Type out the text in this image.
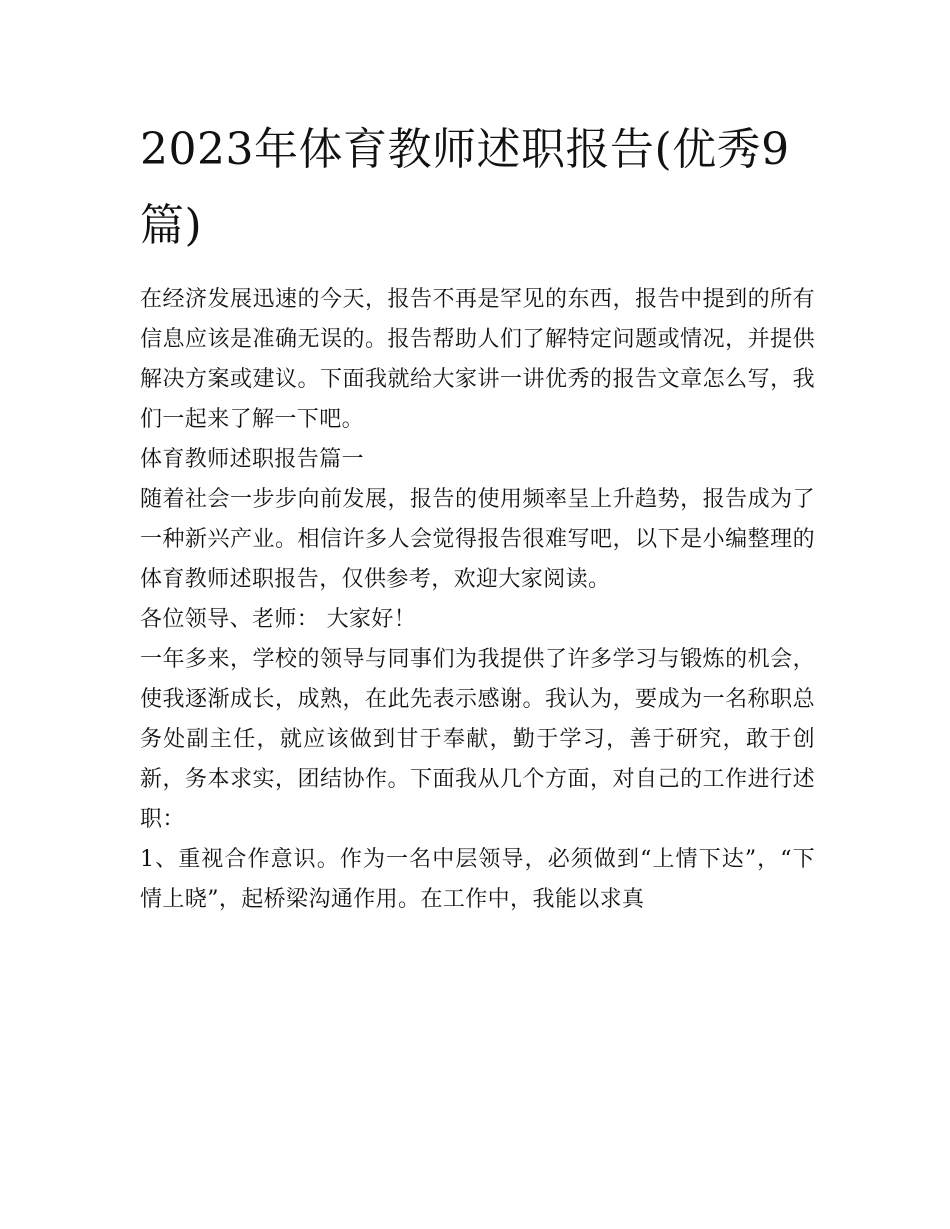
2023年体育教师述职报告(优秀9篇)

在经济发展迅速的今天，报告不再是罕见的东西，报告中提到的所有信息应该是准确无误的。报告帮助人们了解特定问题或情况，并提供解决方案或建议。下面我就给大家讲一讲优秀的报告文章怎么写，我们一起来了解一下吧。

体育教师述职报告篇一

随着社会一步步向前发展，报告的使用频率呈上升趋势，报告成为了一种新兴产业。相信许多人会觉得报告很难写吧，以下是小编整理的体育教师述职报告，仅供参考，欢迎大家阅读。

各位领导、老师： 大家好！

一年多来，学校的领导与同事们为我提供了许多学习与锻炼的机会，使我逐渐成长，成熟，在此先表示感谢。我认为，要成为一名称职总务处副主任，就应该做到甘于奉献，勤于学习，善于研究，敢于创新，务本求实，团结协作。下面我从几个方面，对自己的工作进行述职：

1、重视合作意识。作为一名中层领导，必须做到“上情下达”，“下情上晓”，起桥梁沟通作用。在工作中，我能以求真
